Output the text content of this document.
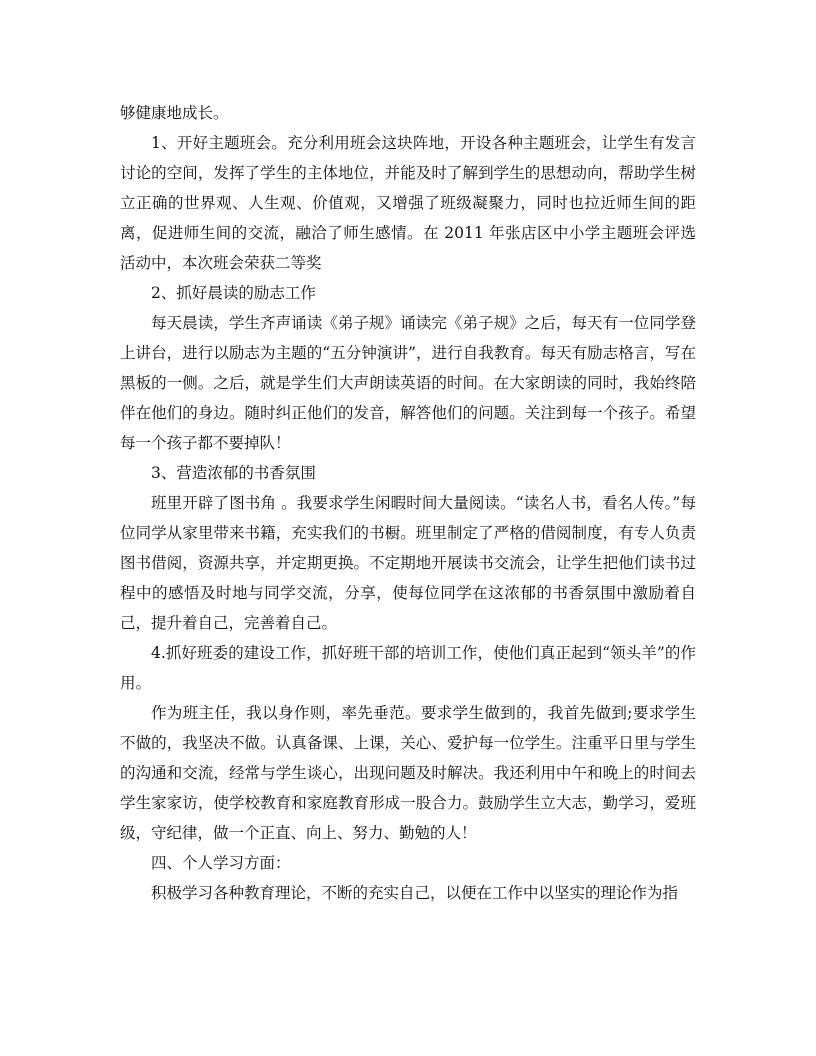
够健康地成长。

1、开好主题班会。充分利用班会这块阵地，开设各种主题班会，让学生有发言讨论的空间，发挥了学生的主体地位，并能及时了解到学生的思想动向，帮助学生树立正确的世界观、人生观、价值观，又增强了班级凝聚力，同时也拉近师生间的距离，促进师生间的交流，融洽了师生感情。在 2011 年张店区中小学主题班会评选活动中，本次班会荣获二等奖

2、抓好晨读的励志工作

每天晨读，学生齐声诵读《弟子规》诵读完《弟子规》之后，每天有一位同学登上讲台，进行以励志为主题的“五分钟演讲”，进行自我教育。每天有励志格言，写在黑板的一侧。之后，就是学生们大声朗读英语的时间。在大家朗读的同时，我始终陪伴在他们的身边。随时纠正他们的发音，解答他们的问题。关注到每一个孩子。希望每一个孩子都不要掉队！

3、营造浓郁的书香氛围

班里开辟了图书角 。我要求学生闲暇时间大量阅读。“读名人书，看名人传。”每位同学从家里带来书籍，充实我们的书橱。班里制定了严格的借阅制度，有专人负责图书借阅，资源共享，并定期更换。不定期地开展读书交流会，让学生把他们读书过程中的感悟及时地与同学交流，分享，使每位同学在这浓郁的书香氛围中激励着自己，提升着自己，完善着自己。

4.抓好班委的建设工作，抓好班干部的培训工作，使他们真正起到“领头羊”的作用。

作为班主任，我以身作则，率先垂范。要求学生做到的，我首先做到;要求学生不做的，我坚决不做。认真备课、上课，关心、爱护每一位学生。注重平日里与学生的沟通和交流，经常与学生谈心，出现问题及时解决。我还利用中午和晚上的时间去学生家家访，使学校教育和家庭教育形成一股合力。鼓励学生立大志，勤学习，爱班级，守纪律，做一个正直、向上、努力、勤勉的人！

四、个人学习方面：

积极学习各种教育理论，不断的充实自己，以便在工作中以坚实的理论作为指
